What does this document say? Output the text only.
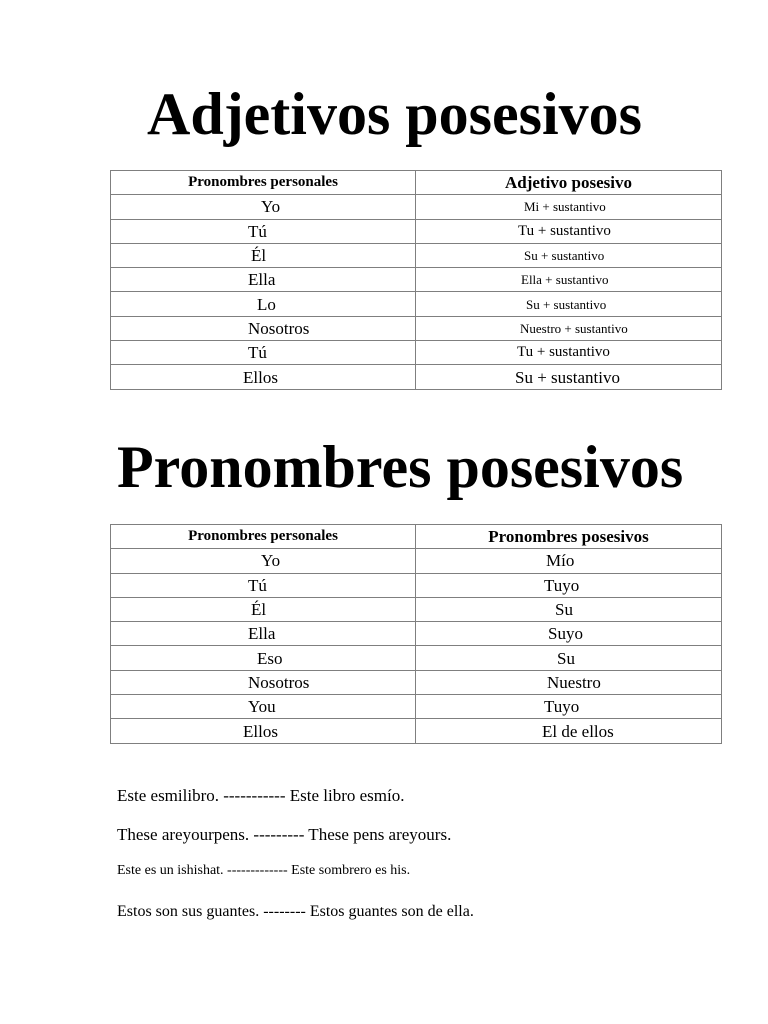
Adjetivos posesivos
Pronombres personales	Adjetivo posesivo
Yo	Mi + sustantivo
Tú	Tu + sustantivo
Él	Su + sustantivo
Ella	Ella + sustantivo
Lo	Su + sustantivo
Nosotros	Nuestro + sustantivo
Tú	Tu + sustantivo
Ellos	Su + sustantivo
Pronombres posesivos
Pronombres personales	Pronombres posesivos
Yo	Mío
Tú	Tuyo
Él	Su
Ella	Suyo
Eso	Su
Nosotros	Nuestro
You	Tuyo
Ellos	El de ellos

Este esmilibro. ----------- Este libro esmío.

These areyourpens. --------- These pens areyours.

Este es un ishishat. ------------- Este sombrero es his.

Estos son sus guantes. -------- Estos guantes son de ella.
